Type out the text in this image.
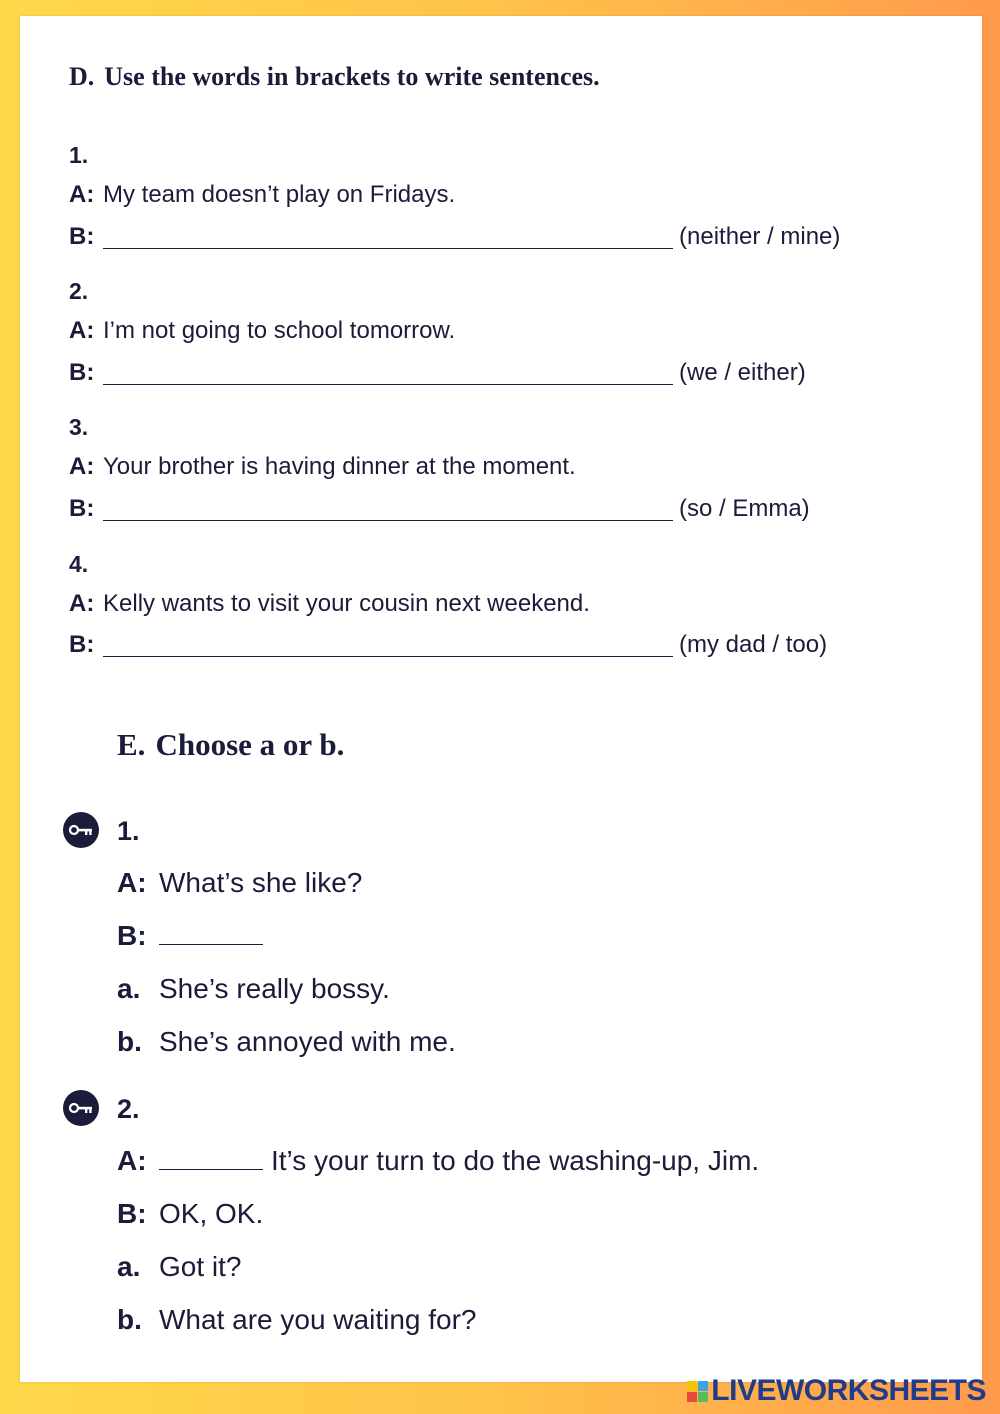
D. Use the words in brackets to write sentences.
1.
A: My team doesn’t play on Fridays.
B:	(neither / mine)
2.
A: I’m not going to school tomorrow.
B:	(we / either)
3.
A: Your brother is having dinner at the moment.
B:	(so / Emma)
4.
A: Kelly wants to visit your cousin next weekend.
B:	(my dad / too)
E. Choose a or b.
1.
A: What’s she like?
B:
a. She’s really bossy.
b. She’s annoyed with me.
2.
A:	It’s your turn to do the washing-up, Jim.
B: OK, OK.
a. Got it?
b. What are you waiting for?
LIVEWORKSHEETS
